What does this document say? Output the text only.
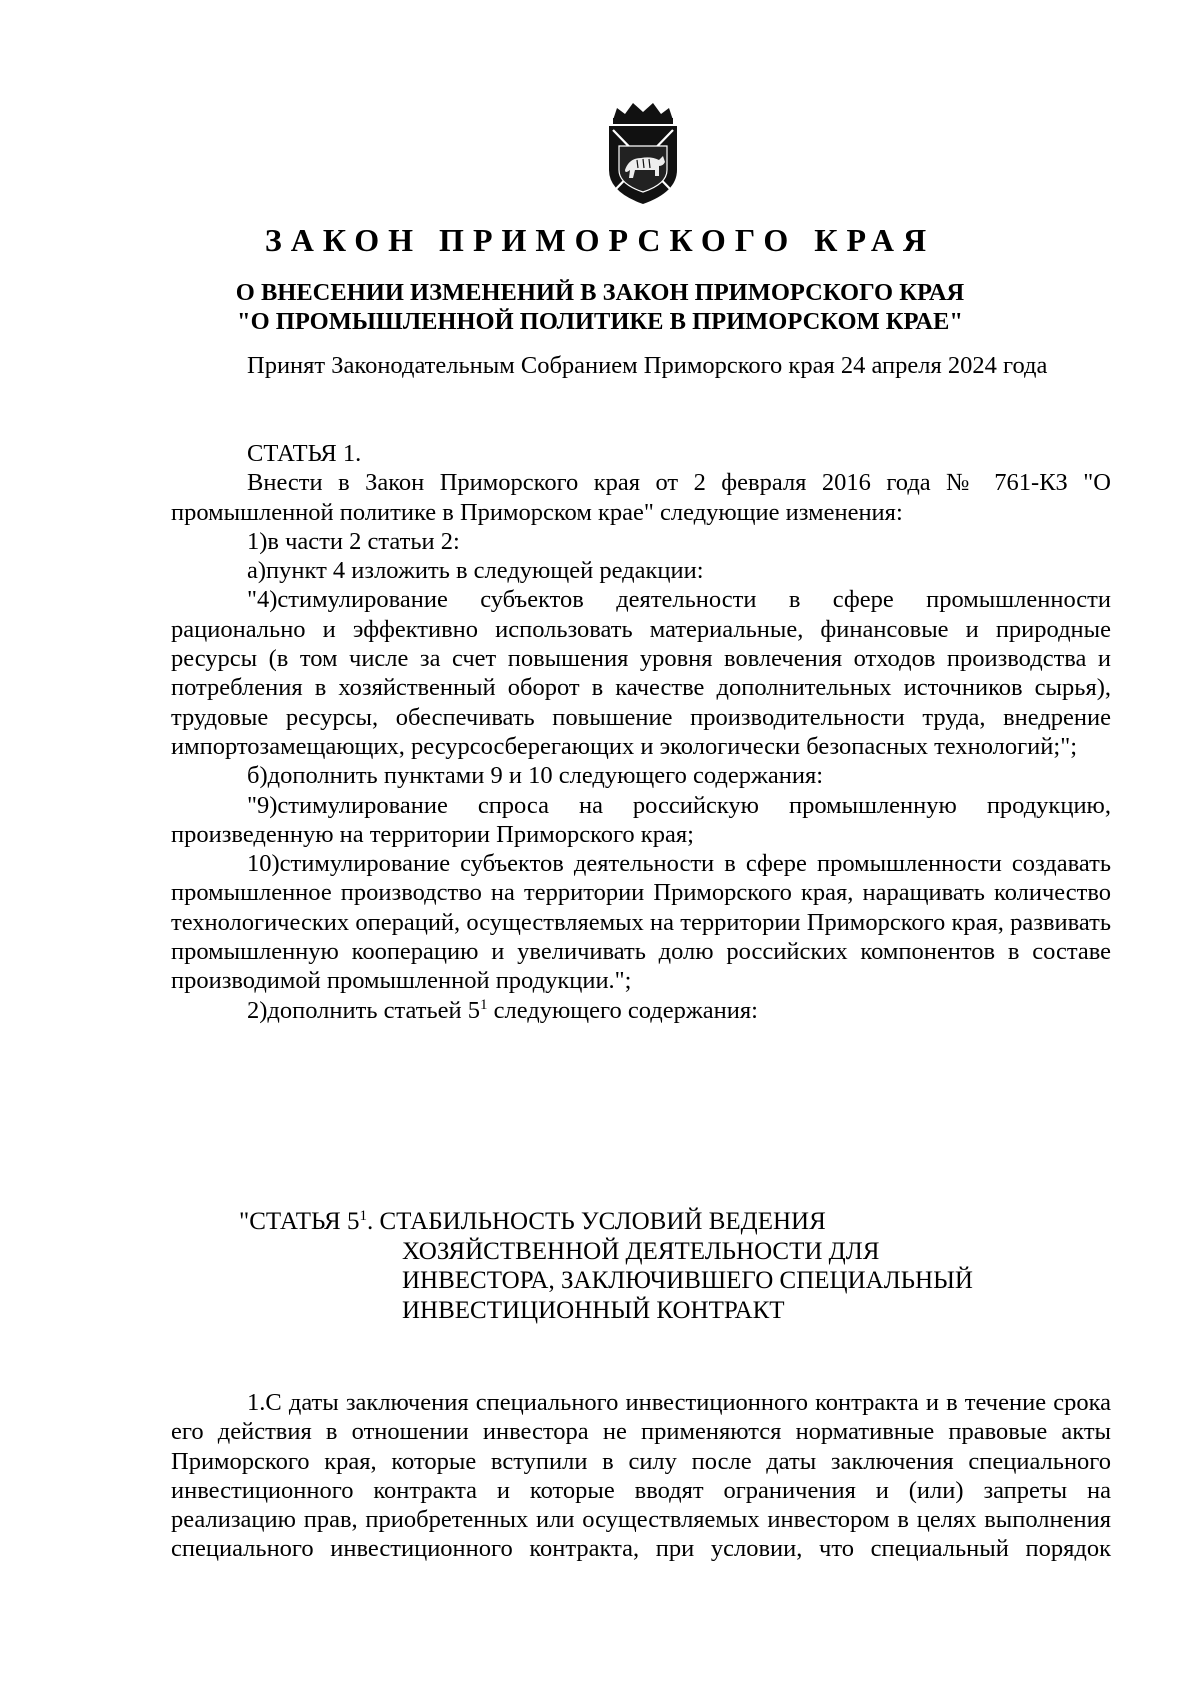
ЗАКОН ПРИМОРСКОГО КРАЯ
О ВНЕСЕНИИ ИЗМЕНЕНИЙ В ЗАКОН ПРИМОРСКОГО КРАЯ
"О ПРОМЫШЛЕННОЙ ПОЛИТИКЕ В ПРИМОРСКОМ КРАЕ"

Принят Законодательным Собранием Приморского края 24 апреля 2024 года

СТАТЬЯ 1.

Внести в Закон Приморского края от 2 февраля 2016 года № 761-КЗ "О промышленной политике в Приморском крае" следующие изменения:

1)в части 2 статьи 2:

а)пункт 4 изложить в следующей редакции:

"4)стимулирование субъектов деятельности в сфере промышленности рационально и эффективно использовать материальные, финансовые и природные ресурсы (в том числе за счет повышения уровня вовлечения отходов производства и потребления в хозяйственный оборот в качестве дополнительных источников сырья), трудовые ресурсы, обеспечивать повышение производительности труда, внедрение импортозамещающих, ресурсосберегающих и экологически безопасных технологий;";

б)дополнить пунктами 9 и 10 следующего содержания:

"9)стимулирование спроса на российскую промышленную продукцию, произведенную на территории Приморского края;

10)стимулирование субъектов деятельности в сфере промышленности создавать промышленное производство на территории Приморского края, наращивать количество технологических операций, осуществляемых на территории Приморского края, развивать промышленную кооперацию и увеличивать долю российских компонентов в составе производимой промышленной продукции.";

2)дополнить статьей $5^1$ следующего содержания:

"СТАТЬЯ $5^1$. СТАБИЛЬНОСТЬ УСЛОВИЙ ВЕДЕНИЯ

ХОЗЯЙСТВЕННОЙ ДЕЯТЕЛЬНОСТИ ДЛЯ

ИНВЕСТОРА, ЗАКЛЮЧИВШЕГО СПЕЦИАЛЬНЫЙ

ИНВЕСТИЦИОННЫЙ КОНТРАКТ

1.С даты заключения специального инвестиционного контракта и в течение срока его действия в отношении инвестора не применяются нормативные правовые акты Приморского края, которые вступили в силу после даты заключения специального инвестиционного контракта и которые вводят ограничения и (или) запреты на реализацию прав, приобретенных или осуществляемых инвестором в целях выполнения специального инвестиционного контракта, при условии, что специальный порядок
